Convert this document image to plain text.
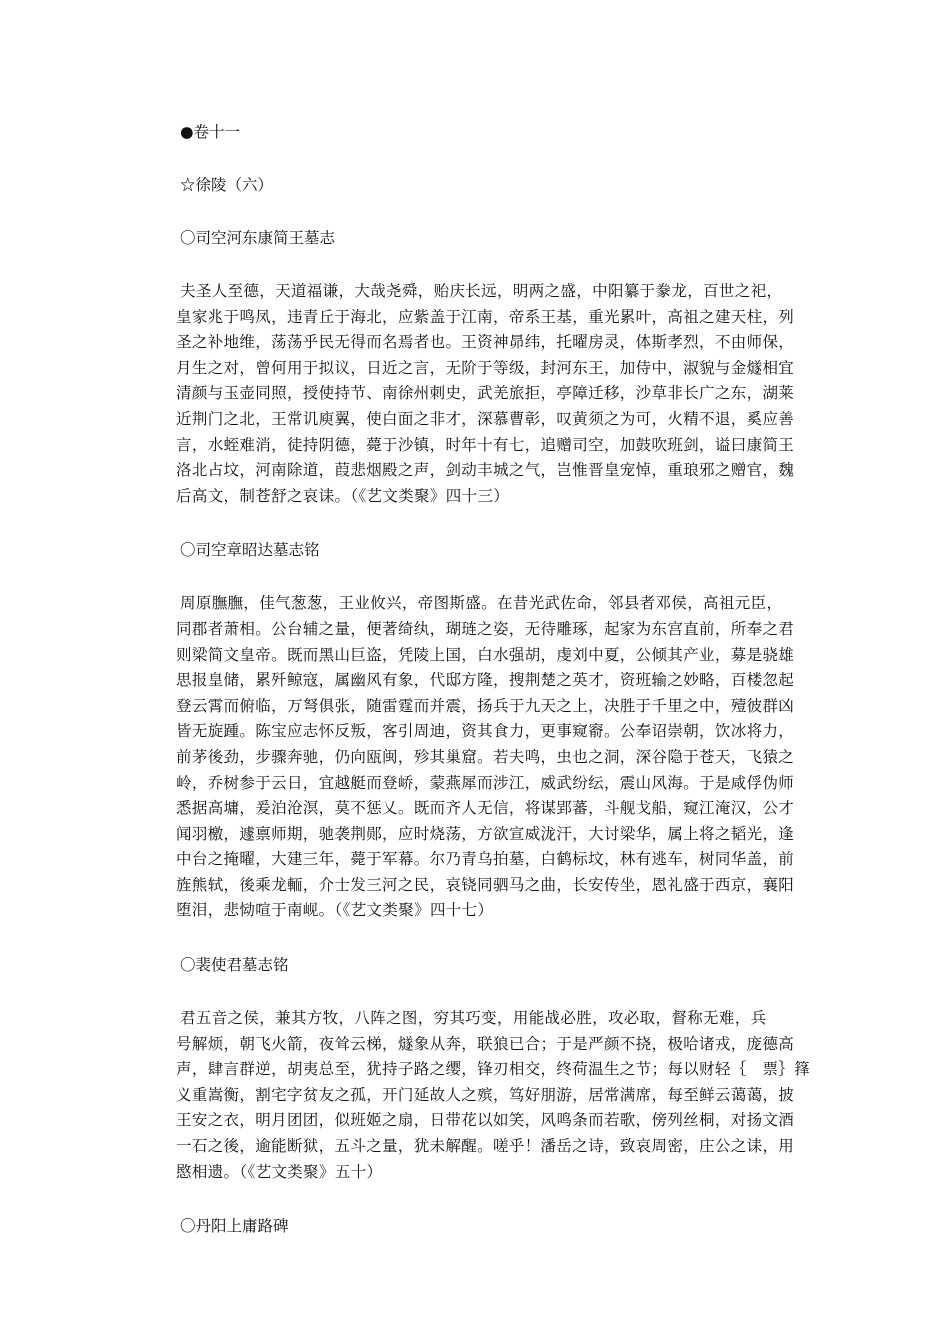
●卷十一
☆徐陵（六）
〇司空河东康简王墓志
夫圣人至德，天道福谦，大哉尧舜，贻庆长远，明两之盛，中阳纂于豢龙，百世之祀，
皇家兆于鸣凤，违青丘于海北，应紫盖于江南，帝系王基，重光累叶，高祖之建天柱，列
圣之补地维，荡荡乎民无得而名焉者也。王资神昴纬，托曜房灵，体斯孝烈，不由师保，
月生之对，曾何用于拟议，日近之言，无阶于等级，封河东王，加侍中，淑貌与金燧相宜
清颜与玉壶同照，授使持节、南徐州刺史，武羌旅拒，亭障迁移，沙草非长广之东，湖莱
近荆门之北，王常讥庾翼，使白面之非才，深慕曹彰，叹黄须之为可，火精不退，奚应善
言，水蛭难消，徒持阴德，薨于沙镇，时年十有七，追赠司空，加鼓吹班剑，谥曰康简王
洛北占坟，河南除道，葭悲烟殿之声，剑动丰城之气，岂惟晋皇宠悼，重琅邪之赠官，魏
后高文，制苍舒之哀诔。（《艺文类聚》四十三）
〇司空章昭达墓志铭
周原膴膴，佳气葱葱，王业攸兴，帝图斯盛。在昔光武佐命，邻县者邓侯，高祖元臣，
同郡者萧相。公台辅之量，便著绮纨，瑚琏之姿，无待雕琢，起家为东宫直前，所奉之君
则梁简文皇帝。既而黑山巨盗，凭陵上国，白水强胡，虔刘中夏，公倾其产业，募是骁雄
思报皇储，累歼鲸寇，属幽风有象，代邸方隆，搜荆楚之英才，资班输之妙略，百楼忽起
登云霄而俯临，万弩俱张，随雷霆而并震，扬兵于九天之上，决胜于千里之中，殪彼群凶
皆无旋踵。陈宝应志怀反叛，客引周迪，资其食力，更事窥窬。公奉诏崇朝，饮冰将力，
前茅後劲，步骤奔驰，仍向瓯闽，殄其巢窟。若夫鸣，虫也之洞，深谷隐于苍天，飞猿之
岭，乔树参于云日，宜越艇而登峤，蒙燕犀而涉江，威武纷纭，震山风海。于是咸俘伪师
悉据高墉，爰泊沧溟，莫不惩乂。既而齐人无信，将谋郢蕃，斗舰戈船，窥江淹汉，公才
闻羽檄，遽禀师期，驰袭荆郧，应时烧荡，方欲宣威泷汗，大讨梁华，属上将之韬光，逢
中台之掩曜，大建三年，薨于军幕。尔乃青乌拍墓，白鹤标坟，林有逃车，树同华盖，前
旌熊轼，後乘龙輀，介士发三河之民，哀铙同驷马之曲，长安传坐，恩礼盛于西京，襄阳
堕泪，悲恸喧于南岘。（《艺文类聚》四十七）
〇裴使君墓志铭
君五音之侯，兼其方牧，八阵之图，穷其巧变，用能战必胜，攻必取，督称无难，兵
号解烦，朝飞火箭，夜耸云梯，燧象从奔，联狼已合；于是严颜不挠，极哈诸戎，庞德高
声，肆言群逆，胡夷总至，犹持子路之缨，锋刃相交，终荷温生之节；每以财轻｛　票｝箨
义重嵩衡，割宅字贫友之孤，开门延故人之殡，笃好朋游，居常满席，每至鲜云蔼蔼，披
王安之衣，明月团团，似班姬之扇，日带花以如笑，风鸣条而若歌，傍列丝桐，对扬文酒
一石之後，逾能断狱，五斗之量，犹未解醒。嗟乎！潘岳之诗，致哀周密，庄公之诔，用
愍相遗。（《艺文类聚》五十）
〇丹阳上庸路碑
